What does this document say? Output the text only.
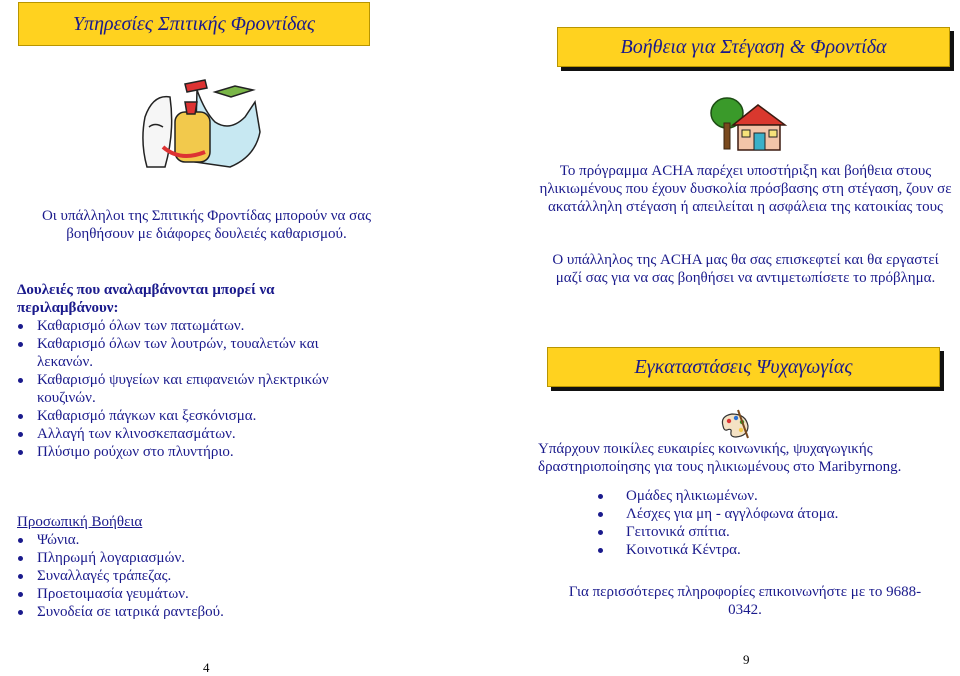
Υπηρεσίες Σπιτικής Φροντίδας
Οι υπάλληλοι της Σπιτικής Φροντίδας μπορούν να σας βοηθήσουν με διάφορες δουλειές καθαρισμού.
Δουλειές που αναλαμβάνονται μπορεί να περιλαμβάνουν:
Καθαρισμό όλων των πατωμάτων.
Καθαρισμό όλων των λουτρών, τουαλετών και λεκανών.
Καθαρισμό ψυγείων και επιφανειών ηλεκτρικών κουζινών.
Καθαρισμό πάγκων και ξεσκόνισμα.
Αλλαγή των κλινοσκεπασμάτων.
Πλύσιμο ρούχων στο πλυντήριο.
Προσωπική Βοήθεια
Ψώνια.
Πληρωμή λογαριασμών.
Συναλλαγές τράπεζας.
Προετοιμασία γευμάτων.
Συνοδεία σε ιατρικά ραντεβού.
4
Βοήθεια για Στέγαση & Φροντίδα
Το πρόγραμμα ACHA παρέχει υποστήριξη και βοήθεια στους ηλικιωμένους που έχουν δυσκολία πρόσβασης στη στέγαση, ζουν σε ακατάλληλη στέγαση ή απειλείται η ασφάλεια της κατοικίας τους
Ο υπάλληλος της ACHA μας θα σας επισκεφτεί και θα εργαστεί μαζί σας για να σας βοηθήσει να αντιμετωπίσετε το πρόβλημα.
Εγκαταστάσεις Ψυχαγωγίας
Υπάρχουν ποικίλες ευκαιρίες κοινωνικής, ψυχαγωγικής δραστηριοποίησης για τους ηλικιωμένους στο Maribyrnong.
Ομάδες ηλικιωμένων.
Λέσχες για μη - αγγλόφωνα άτομα.
Γειτονικά σπίτια.
Κοινοτικά Κέντρα.
Για περισσότερες πληροφορίες επικοινωνήστε με το 9688-0342.
9
